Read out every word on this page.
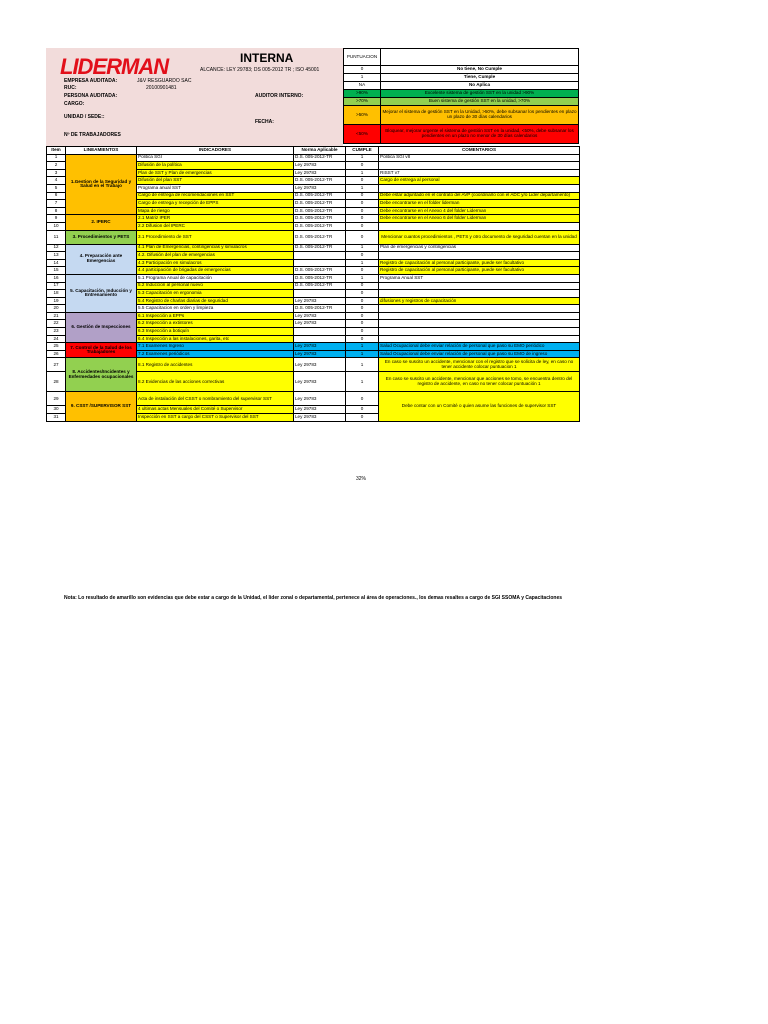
LIDERMAN	INTERNA
ALCANCE: LEY 29783; DS 005-2012 TR ; ISO 45001
EMPRESA AUDITADA:	J&V RESGUARDO SAC
RUC:	20100901481
PERSONA AUDITADA:	AUDITOR INTERNO:
CARGO:
UNIDAD / SEDE::
FECHA:
Nº DE TRABAJADORES
PUNTUACION	
0	No tiene, No Cumple
1	Tiene, Cumple
NA	No Aplica
>90%	Excelente sistema de gestión SST en la unidad >90%
>70%	Buen sistema de gestión SST en la unidad, >70%
>50%	Mejorar el sistema de gestión SST en la Unidad, >50%, debe subsanar los pendientes en plazo un plazo de 30 días calendarios
<50%	Bloquear, mejorar urgente el sistema de gestión SST en la unidad, <50%, debe subsanar los pendientes en un plazo no menor de 30 días calendarios
Item	LINEAMIENTOS	INDICADORES	Norma Aplicable	CUMPLE	COMENTARIOS
1	1.Gestion de la Seguridad y Salud en el Trabajo	Politica SGI	D.S. 005-2012-TR	1	Politica SGI v8
2		Difusión de la política	Ley 29783	0	
3		Plan de SST y Plan de emergencias	Ley 29783	1	RISST v7
4		Difusión del plan SST	D.S. 005-2012-TR	0	Cargo de entrega al personal
5		Programa anual SST	Ley 29783	1	
6		Cargo de entrega de recomendaciones en SST	D.S. 005-2012-TR	0	Debe estar adjuntado en el contrato del AVP (coordinarlo con el ADC y/o Lider departamento)
7		Cargo de entrega y recepción de EPPS	D.S. 005-2012-TR	0	Debe encontrarse en el folder liderman
8		Mapa de riesgo	D.S. 005-2012-TR	0	Debe encontrarse en el Anexo 4 del folder Liderman
9	2. IPERC	2.1 Matriz IPER	D.S. 005-2012-TR	0	Debe encontrarse en el Anexo 6 del folder Liderman
10		2.2 Difusion del IPERC	D.S. 005-2012-TR	0	
11	3. Procedimientos y PETS	3.1 Procedimiento de SST	D.S. 005-2012-TR	0	Mencionar cuantos procedimientos , PETS y otro documento de seguridad cuentan en la unidad
12	4. Preparación ante Emergencias	4.1 Plan de Emergencias, contingencias y simulacros	D.S. 005-2012-TR	1	Plan de emergencias y contingencias
13		4.2. Difusión del plan de emergencias		0	
14		4.3 Participación en simulacros		1	Registro de capacitación al personal participante, puede ser facultativo
15		4.4 participación de brigadas de emergencias	D.S. 005-2012-TR	0	Registro de capacitación al personal participante, puede ser facultativo
16	5. Capacitación, Inducción y Entrenamiento	5.1 Programa Anual de capacitación	D.S. 005-2012-TR	1	Programa Anual SST
17		5.2 Induccion al personal nuevo	D.S. 005-2012-TR	0	
18		5.3 Capacitación en ergonomia		0	
19		5.4 Registro de charlas diarias de seguridad	Ley 29783	0	difusiones y registros de capacitación
20		5.5 Capacitacion en orden y limpieza	D.S. 005-2012-TR	0	
21	6. Gestión de Inspecciones	6.1 Inspección a EPPs	Ley 29783	0	
22		6.2 Inspección a extintores	Ley 29783	0	
23		6.3 Inspección a botiquín		0	
24		6.4 Inspección a las instalaciones, garita, etc		0	
25	7. Control de la Salud de los Trabajadores	7.1 Examenes Ingreso	Ley 29783	1	Salud Ocupacional debe enviar relación de personal que paso su EMO periódico
26		7.2 Examenes periódicos	Ley 29783	1	Salud Ocupacional debe enviar relación de personal que paso su EMO de ingreso
27	8. Accidentes/Incidentes y Enfermedades ocupacionales	8.1 Registro de accidentes	Ley 29783	1	En caso se suscito un accidente, mencionar con el registro que se solicita de ley, en caso no tener accidente colocar puntuacion 1
28		8.2 Evidencias de las acciones correctivas	Ley 29783	1	En caso se suscito un accidente, mencionar que acciones se tomo, se encuentra dentro del registro de accidente, en caso no tener colocar puntuación 1
29	9. CSST /SUPERVISOR SST	Acta de instalación del CSST o nombramiento del supervisor SST	Ley 29783	0	Debe contar con un Comité o quien asume las funciones de supervisor SST
30		4 ultimas actas Mensuales del Comité o Supervisor	Ley 29783	0	
31		Inspección en SST a cargo del CSST o Supervisor del SST	Ley 29783	0	
32%
Nota: Lo resultado de amarillo son evidencias que debe estar a cargo de la Unidad, el lider zonal o departamental, pertenece al área de operaciones., los demas resaltes a cargo de SGI SSOMA y Capacitaciones
